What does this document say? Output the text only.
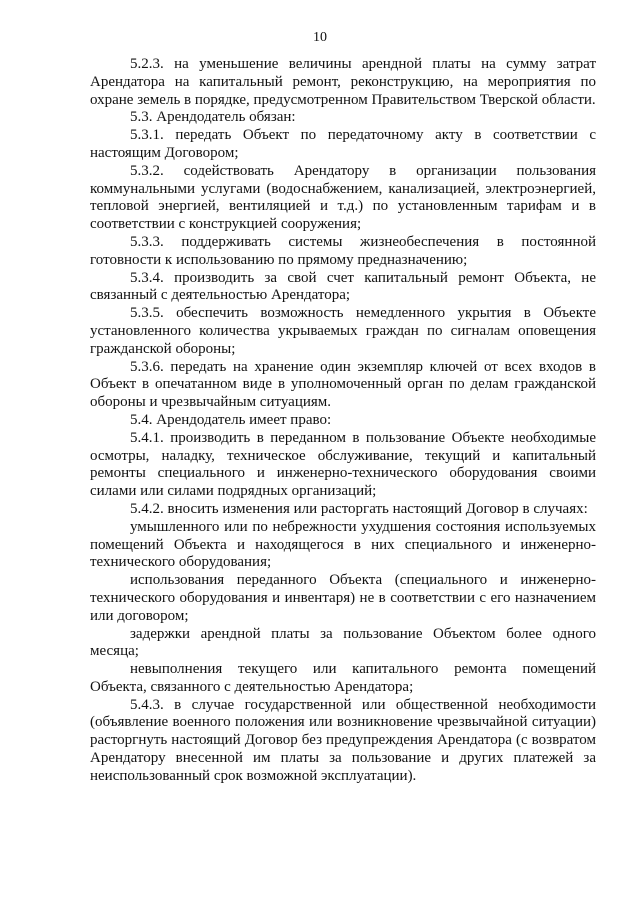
10

5.2.3. на уменьшение величины арендной платы на сумму затрат Арендатора на капитальный ремонт, реконструкцию, на мероприятия по охране земель в порядке, предусмотренном Правительством Тверской области.

5.3. Арендодатель обязан:

5.3.1. передать Объект по передаточному акту в соответствии с настоящим Договором;

5.3.2. содействовать Арендатору в организации пользования коммунальными услугами (водоснабжением, канализацией, электроэнергией, тепловой энергией, вентиляцией и т.д.) по установленным тарифам и в соответствии с конструкцией сооружения;

5.3.3. поддерживать системы жизнеобеспечения в постоянной готовности к использованию по прямому предназначению;

5.3.4. производить за свой счет капитальный ремонт Объекта, не связанный с деятельностью Арендатора;

5.3.5. обеспечить возможность немедленного укрытия в Объекте установленного количества укрываемых граждан по сигналам оповещения гражданской обороны;

5.3.6. передать на хранение один экземпляр ключей от всех входов в Объект в опечатанном виде в уполномоченный орган по делам гражданской обороны и чрезвычайным ситуациям.

5.4. Арендодатель имеет право:

5.4.1. производить в переданном в пользование Объекте необходимые осмотры, наладку, техническое обслуживание, текущий и капитальный ремонты специального и инженерно-технического оборудования своими силами или силами подрядных организаций;

5.4.2. вносить изменения или расторгать настоящий Договор в случаях:

умышленного или по небрежности ухудшения состояния используемых помещений Объекта и находящегося в них специального и инженерно-технического оборудования;

использования переданного Объекта (специального и инженерно-технического оборудования и инвентаря) не в соответствии с его назначением или договором;

задержки арендной платы за пользование Объектом более одного месяца;

невыполнения текущего или капитального ремонта помещений Объекта, связанного с деятельностью Арендатора;

5.4.3. в случае государственной или общественной необходимости (объявление военного положения или возникновение чрезвычайной ситуации) расторгнуть настоящий Договор без предупреждения Арендатора (с возвратом Арендатору внесенной им платы за пользование и других платежей за неиспользованный срок возможной эксплуатации).
